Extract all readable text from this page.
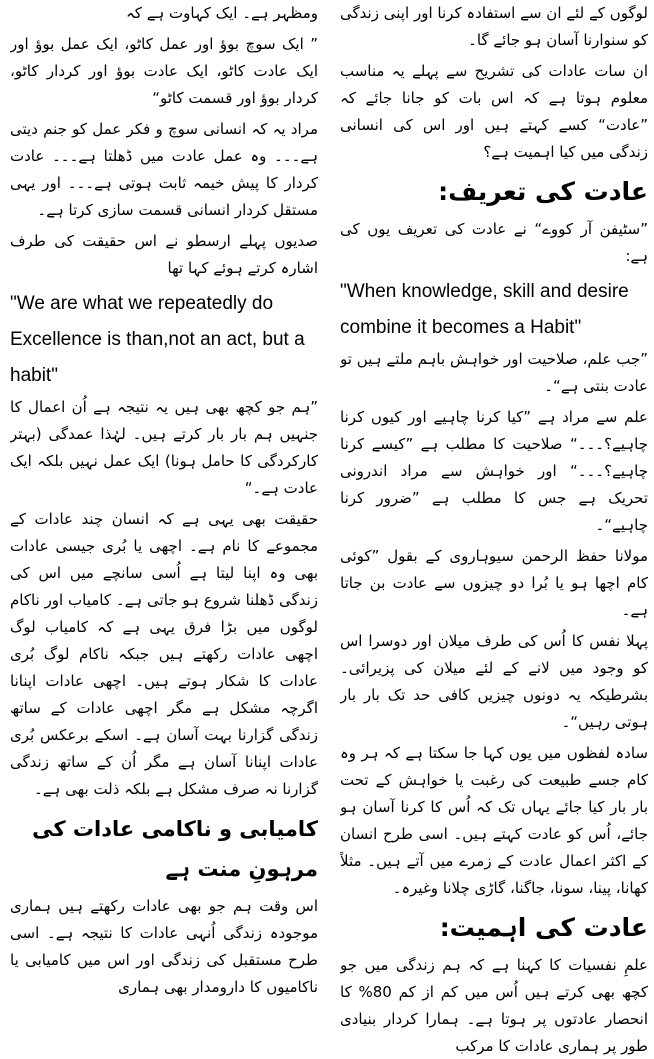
لوگوں کے لئے ان سے استفادہ کرنا اور اپنی زندگی کو سنوارنا آسان ہو جائے گا۔

ان سات عادات کی تشریح سے پہلے یہ مناسب معلوم ہوتا ہے کہ اس بات کو جانا جائے کہ ”عادت“ کسے کہتے ہیں اور اس کی انسانی زندگی میں کیا اہمیت ہے؟

عادت کی تعریف:

”سٹیفن آر کووے“ نے عادت کی تعریف یوں کی ہے:

"When knowledge, skill and desire combine it becomes a Habit"

”جب علم، صلاحیت اور خواہش باہم ملتے ہیں تو عادت بنتی ہے“۔

علم سے مراد ہے ”کیا کرنا چاہیے اور کیوں کرنا چاہیے؟۔۔۔“ صلاحیت کا مطلب ہے ”کیسے کرنا چاہیے؟۔۔۔“ اور خواہش سے مراد اندرونی تحریک ہے جس کا مطلب ہے ”ضرور کرنا چاہیے“۔

مولانا حفظ الرحمن سیوہاروی کے بقول ”کوئی کام اچھا ہو یا بُرا دو چیزوں سے عادت بن جاتا ہے۔

پہلا نفس کا اُس کی طرف میلان اور دوسرا اس کو وجود میں لانے کے لئے میلان کی پزیرائی۔ بشرطیکہ یہ دونوں چیزیں کافی حد تک بار بار ہوتی رہیں“۔

سادہ لفظوں میں یوں کہا جا سکتا ہے کہ ہر وہ کام جسے طبیعت کی رغبت یا خواہش کے تحت بار بار کیا جائے یہاں تک کہ اُس کا کرنا آسان ہو جائے، اُس کو عادت کہتے ہیں۔ اسی طرح انسان کے اکثر اعمال عادت کے زمرے میں آتے ہیں۔ مثلاً کھانا، پینا، سونا، جاگنا، گاڑی چلانا وغیرہ۔

عادت کی اہمیت:

علمِ نفسیات کا کہنا ہے کہ ہم زندگی میں جو کچھ بھی کرتے ہیں اُس میں کم از کم 80% کا انحصار عادتوں پر ہوتا ہے۔ ہمارا کردار بنیادی طور پر ہماری عادات کا مرکب

ومظہر ہے۔ ایک کہاوت ہے کہ

” ایک سوچ بوؤ اور عمل کاٹو، ایک عمل بوؤ اور ایک عادت کاٹو، ایک عادت بوؤ اور کردار کاٹو، کردار بوؤ اور قسمت کاٹو“

مراد یہ کہ انسانی سوچ و فکر عمل کو جنم دیتی ہے۔۔۔ وہ عمل عادت میں ڈھلتا ہے۔۔۔ عادت کردار کا پیش خیمہ ثابت ہوتی ہے۔۔۔ اور یہی مستقل کردار انسانی قسمت سازی کرتا ہے۔

صدیوں پہلے ارسطو نے اس حقیقت کی طرف اشارہ کرتے ہوئے کہا تھا

"We are what we repeatedly do Excellence is than,not an act, but a habit"

”ہم جو کچھ بھی ہیں یہ نتیجہ ہے اُن اعمال کا جنہیں ہم بار بار کرتے ہیں۔ لہٰذا عمدگی (بہتر کارکردگی کا حامل ہونا) ایک عمل نہیں بلکہ ایک عادت ہے۔“

حقیقت بھی یہی ہے کہ انسان چند عادات کے مجموعے کا نام ہے۔ اچھی یا بُری جیسی عادات بھی وہ اپنا لیتا ہے اُسی سانچے میں اس کی زندگی ڈھلنا شروع ہو جاتی ہے۔ کامیاب اور ناکام لوگوں میں بڑا فرق یہی ہے کہ کامیاب لوگ اچھی عادات رکھتے ہیں جبکہ ناکام لوگ بُری عادات کا شکار ہوتے ہیں۔ اچھی عادات اپنانا اگرچہ مشکل ہے مگر اچھی عادات کے ساتھ زندگی گزارنا بہت آسان ہے۔ اسکے برعکس بُری عادات اپنانا آسان ہے مگر اُن کے ساتھ زندگی گزارنا نہ صرف مشکل ہے بلکہ ذلت بھی ہے۔

کامیابی و ناکامی عادات کی مرہونِ منت ہے

اس وقت ہم جو بھی عادات رکھتے ہیں ہماری موجودہ زندگی اُنہی عادات کا نتیجہ ہے۔ اسی طرح مستقبل کی زندگی اور اس میں کامیابی یا ناکامیوں کا دارومدار بھی ہماری
